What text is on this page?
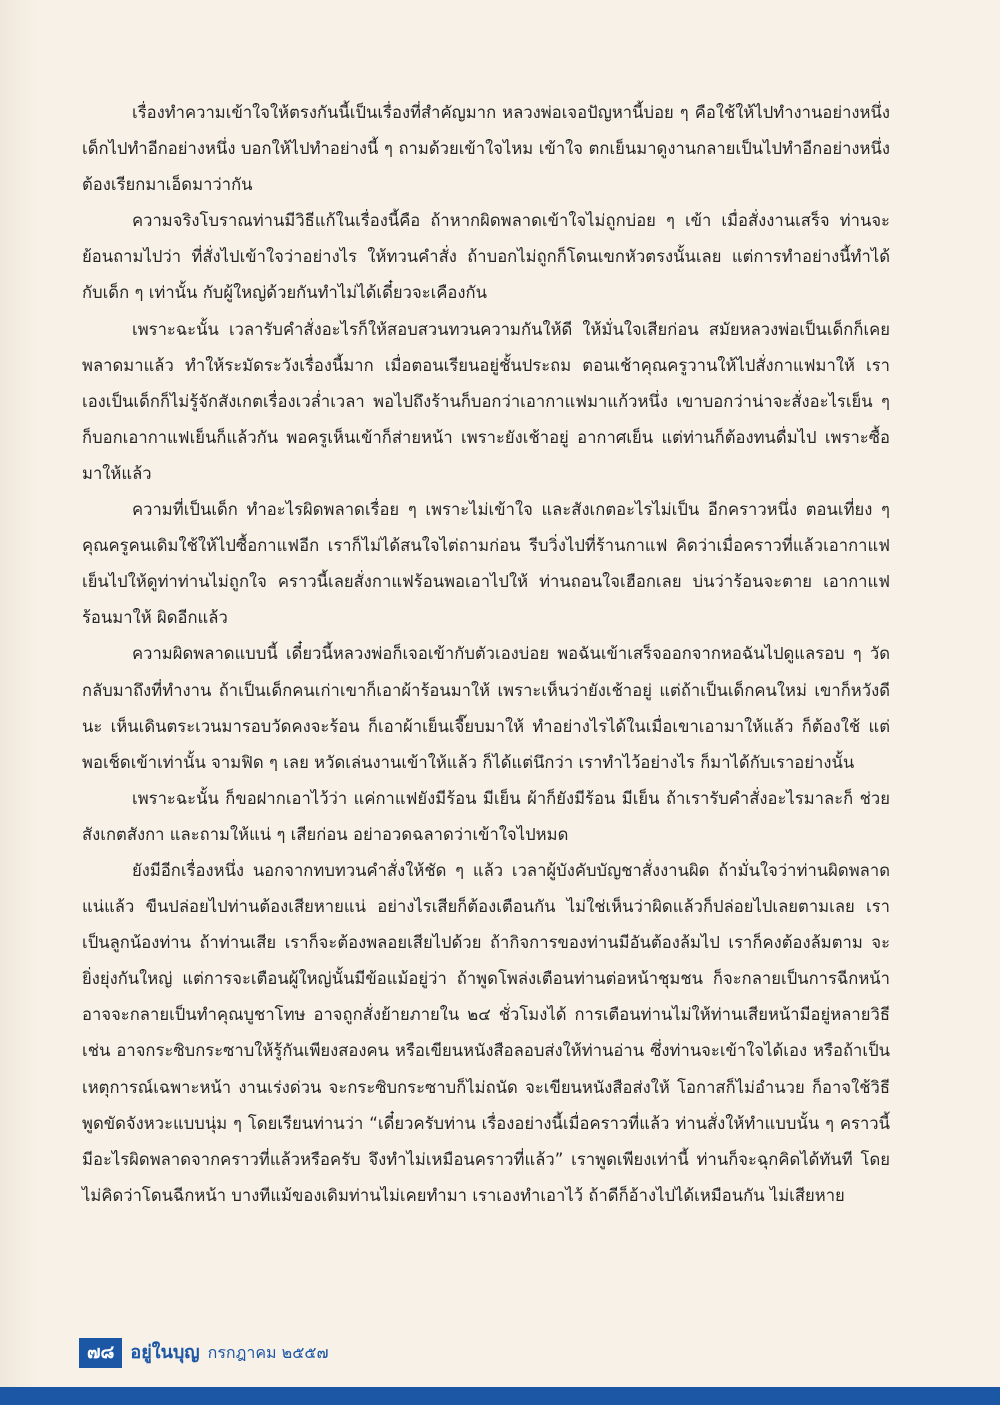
เรื่องทำความเข้าใจให้ตรงกันนี้เป็นเรื่องที่สำคัญมาก หลวงพ่อเจอปัญหานี้บ่อย ๆ คือใช้ให้ไปทำงานอย่างหนึ่ง เด็กไปทำอีกอย่างหนึ่ง บอกให้ไปทำอย่างนี้ ๆ ถามด้วยเข้าใจไหม เข้าใจ ตกเย็นมาดูงานกลายเป็นไปทำอีกอย่างหนึ่ง ต้องเรียกมาเอ็ดมาว่ากัน

ความจริงโบราณท่านมีวิธีแก้ในเรื่องนี้คือ ถ้าหากผิดพลาดเข้าใจไม่ถูกบ่อย ๆ เข้า เมื่อสั่งงานเสร็จ ท่านจะย้อนถามไปว่า ที่สั่งไปเข้าใจว่าอย่างไร ให้ทวนคำสั่ง ถ้าบอกไม่ถูกก็โดนเขกหัวตรงนั้นเลย แต่การทำอย่างนี้ทำได้กับเด็ก ๆ เท่านั้น กับผู้ใหญ่ด้วยกันทำไม่ได้เดี๋ยวจะเคืองกัน

เพราะฉะนั้น เวลารับคำสั่งอะไรก็ให้สอบสวนทวนความกันให้ดี ให้มั่นใจเสียก่อน สมัยหลวงพ่อเป็นเด็กก็เคยพลาดมาแล้ว ทำให้ระมัดระวังเรื่องนี้มาก เมื่อตอนเรียนอยู่ชั้นประถม ตอนเช้าคุณครูวานให้ไปสั่งกาแฟมาให้ เราเองเป็นเด็กก็ไม่รู้จักสังเกตเรื่องเวล่ำเวลา พอไปถึงร้านก็บอกว่าเอากาแฟมาแก้วหนึ่ง เขาบอกว่าน่าจะสั่งอะไรเย็น ๆ ก็บอกเอากาแฟเย็นก็แล้วกัน พอครูเห็นเข้าก็ส่ายหน้า เพราะยังเช้าอยู่ อากาศเย็น แต่ท่านก็ต้องทนดื่มไป เพราะซื้อมาให้แล้ว

ความที่เป็นเด็ก ทำอะไรผิดพลาดเรื่อย ๆ เพราะไม่เข้าใจ และสังเกตอะไรไม่เป็น อีกคราวหนึ่ง ตอนเที่ยง ๆ คุณครูคนเดิมใช้ให้ไปซื้อกาแฟอีก เราก็ไม่ได้สนใจไต่ถามก่อน รีบวิ่งไปที่ร้านกาแฟ คิดว่าเมื่อคราวที่แล้วเอากาแฟเย็นไปให้ดูท่าท่านไม่ถูกใจ คราวนี้เลยสั่งกาแฟร้อนพอเอาไปให้ ท่านถอนใจเฮือกเลย บ่นว่าร้อนจะตาย เอากาแฟร้อนมาให้ ผิดอีกแล้ว

ความผิดพลาดแบบนี้ เดี๋ยวนี้หลวงพ่อก็เจอเข้ากับตัวเองบ่อย พอฉันเข้าเสร็จออกจากหอฉันไปดูแลรอบ ๆ วัด กลับมาถึงที่ทำงาน ถ้าเป็นเด็กคนเก่าเขาก็เอาผ้าร้อนมาให้ เพราะเห็นว่ายังเช้าอยู่ แต่ถ้าเป็นเด็กคนใหม่ เขาก็หวังดีนะ เห็นเดินตระเวนมารอบวัดคงจะร้อน ก็เอาผ้าเย็นเจี๊ยบมาให้ ทำอย่างไรได้ในเมื่อเขาเอามาให้แล้ว ก็ต้องใช้ แต่พอเช็ดเข้าเท่านั้น จามฟิด ๆ เลย หวัดเล่นงานเข้าให้แล้ว ก็ได้แต่นึกว่า เราทำไว้อย่างไร ก็มาได้กับเราอย่างนั้น

เพราะฉะนั้น ก็ขอฝากเอาไว้ว่า แค่กาแฟยังมีร้อน มีเย็น ผ้าก็ยังมีร้อน มีเย็น ถ้าเรารับคำสั่งอะไรมาละก็ ช่วยสังเกตสังกา และถามให้แน่ ๆ เสียก่อน อย่าอวดฉลาดว่าเข้าใจไปหมด

ยังมีอีกเรื่องหนึ่ง นอกจากทบทวนคำสั่งให้ชัด ๆ แล้ว เวลาผู้บังคับบัญชาสั่งงานผิด ถ้ามั่นใจว่าท่านผิดพลาดแน่แล้ว ขืนปล่อยไปท่านต้องเสียหายแน่ อย่างไรเสียก็ต้องเตือนกัน ไม่ใช่เห็นว่าผิดแล้วก็ปล่อยไปเลยตามเลย เราเป็นลูกน้องท่าน ถ้าท่านเสีย เราก็จะต้องพลอยเสียไปด้วย ถ้ากิจการของท่านมีอันต้องล้มไป เราก็คงต้องล้มตาม จะยิ่งยุ่งกันใหญ่ แต่การจะเตือนผู้ใหญ่นั้นมีข้อแม้อยู่ว่า ถ้าพูดโพล่งเตือนท่านต่อหน้าชุมชน ก็จะกลายเป็นการฉีกหน้า อาจจะกลายเป็นทำคุณบูชาโทษ อาจถูกสั่งย้ายภายใน ๒๔ ชั่วโมงได้ การเตือนท่านไม่ให้ท่านเสียหน้ามีอยู่หลายวิธี เช่น อาจกระซิบกระซาบให้รู้กันเพียงสองคน หรือเขียนหนังสือลอบส่งให้ท่านอ่าน ซึ่งท่านจะเข้าใจได้เอง หรือถ้าเป็นเหตุการณ์เฉพาะหน้า งานเร่งด่วน จะกระซิบกระซาบก็ไม่ถนัด จะเขียนหนังสือส่งให้ โอกาสก็ไม่อำนวย ก็อาจใช้วิธีพูดขัดจังหวะแบบนุ่ม ๆ โดยเรียนท่านว่า “เดี๋ยวครับท่าน เรื่องอย่างนี้เมื่อคราวที่แล้ว ท่านสั่งให้ทำแบบนั้น ๆ คราวนี้มีอะไรผิดพลาดจากคราวที่แล้วหรือครับ จึงทำไม่เหมือนคราวที่แล้ว” เราพูดเพียงเท่านี้ ท่านก็จะฉุกคิดได้ทันที โดยไม่คิดว่าโดนฉีกหน้า บางทีแม้ของเดิมท่านไม่เคยทำมา เราเองทำเอาไว้ ถ้าดีก็อ้างไปได้เหมือนกัน ไม่เสียหาย

๗๘ อยู่ในบุญ กรกฎาคม ๒๕๕๗
